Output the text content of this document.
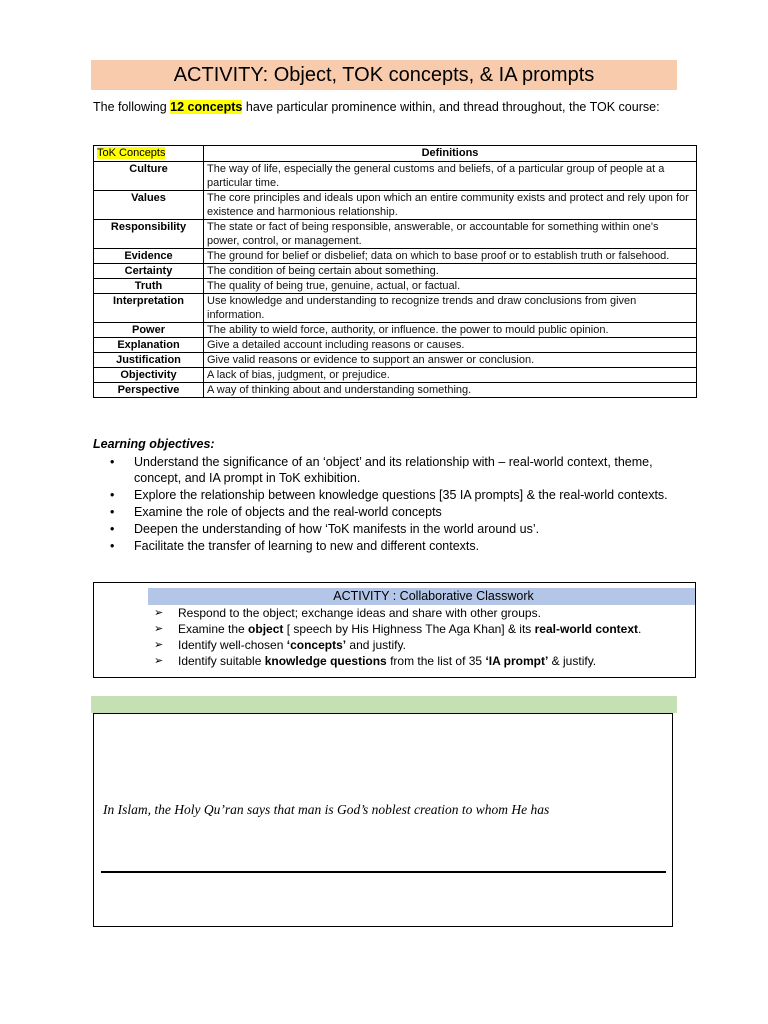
ACTIVITY: Object, TOK concepts, & IA prompts
The following 12 concepts have particular prominence within, and thread throughout, the TOK course:
ToK Concepts	Definitions
Culture	The way of life, especially the general customs and beliefs, of a particular group of people at a particular time.
Values	The core principles and ideals upon which an entire community exists and protect and rely upon for existence and harmonious relationship.
Responsibility	The state or fact of being responsible, answerable, or accountable for something within one's power, control, or management.
Evidence	The ground for belief or disbelief; data on which to base proof or to establish truth or falsehood.
Certainty	The condition of being certain about something.
Truth	The quality of being true, genuine, actual, or factual.
Interpretation	Use knowledge and understanding to recognize trends and draw conclusions from given information.
Power	The ability to wield force, authority, or influence. the power to mould public opinion.
Explanation	Give a detailed account including reasons or causes.
Justification	Give valid reasons or evidence to support an answer or conclusion.
Objectivity	A lack of bias, judgment, or prejudice.
Perspective	A way of thinking about and understanding something.
Learning objectives:
• Understand the significance of an ‘object’ and its relationship with – real-world context, theme, concept, and IA prompt in ToK exhibition.
• Explore the relationship between knowledge questions [35 IA prompts] & the real-world contexts.
• Examine the role of objects and the real-world concepts
• Deepen the understanding of how ‘ToK manifests in the world around us’.
• Facilitate the transfer of learning to new and different contexts.
ACTIVITY : Collaborative Classwork
➢ Respond to the object; exchange ideas and share with other groups.
➢ Examine the object [ speech by His Highness The Aga Khan] & its real-world context.
➢ Identify well-chosen ‘concepts’ and justify.
➢ Identify suitable knowledge questions from the list of 35 ‘IA prompt’ & justify.
In Islam, the Holy Qu’ran says that man is God’s noblest creation to whom He has
